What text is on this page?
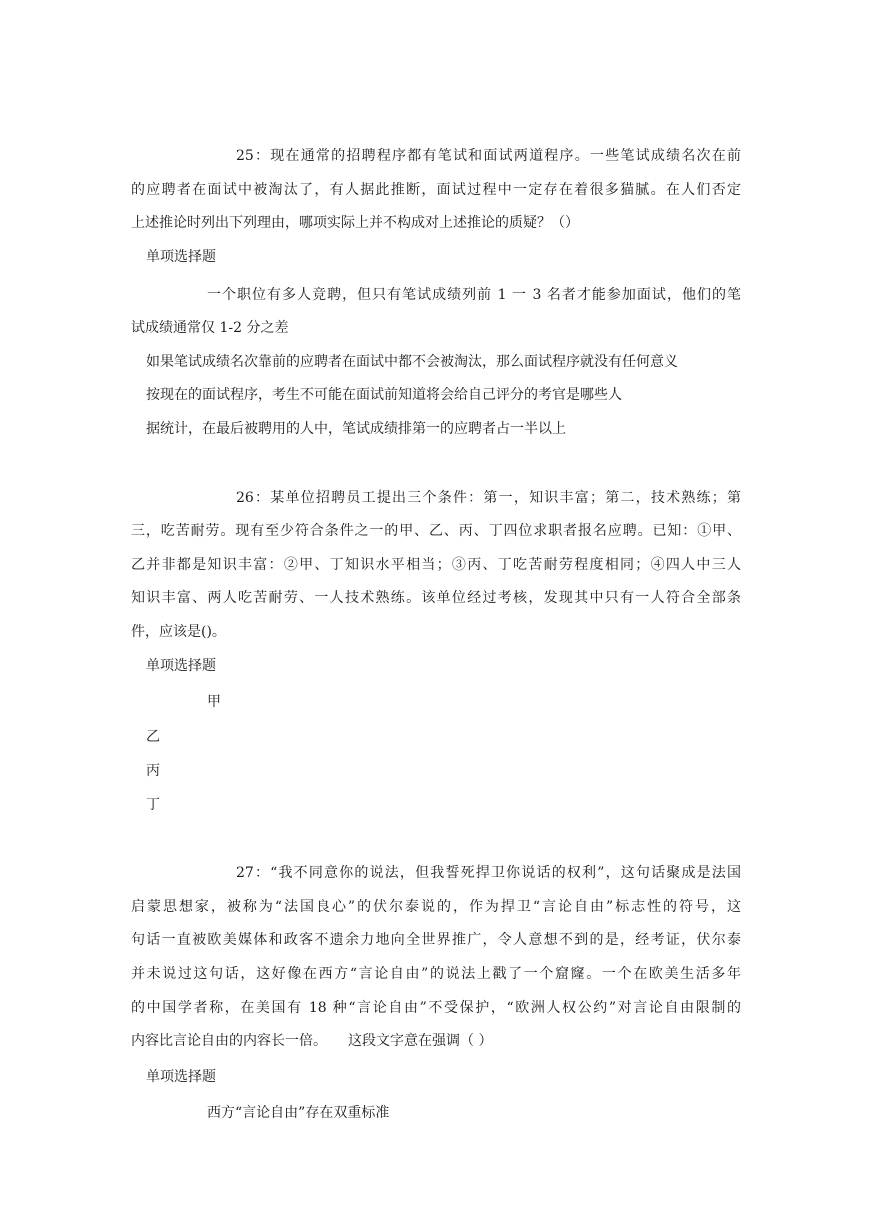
25：现在通常的招聘程序都有笔试和面试两道程序。一些笔试成绩名次在前
的应聘者在面试中被淘汰了，有人据此推断，面试过程中一定存在着很多猫腻。在人们否定
上述推论时列出下列理由，哪项实际上并不构成对上述推论的质疑？（）
单项选择题
一个职位有多人竞聘，但只有笔试成绩列前 1 一 3 名者才能参加面试，他们的笔
试成绩通常仅 1-2 分之差
如果笔试成绩名次靠前的应聘者在面试中都不会被淘汰，那么面试程序就没有任何意义
按现在的面试程序，考生不可能在面试前知道将会给自己评分的考官是哪些人
据统计，在最后被聘用的人中，笔试成绩排第一的应聘者占一半以上
26：某单位招聘员工提出三个条件：第一，知识丰富；第二，技术熟练；第
三，吃苦耐劳。现有至少符合条件之一的甲、乙、丙、丁四位求职者报名应聘。已知：①甲、
乙并非都是知识丰富：②甲、丁知识水平相当；③丙、丁吃苦耐劳程度相同；④四人中三人
知识丰富、两人吃苦耐劳、一人技术熟练。该单位经过考核，发现其中只有一人符合全部条
件，应该是()。
单项选择题
甲
乙
丙
丁
27：“我不同意你的说法，但我誓死捍卫你说话的权利”，这句话聚成是法国
启蒙思想家，被称为“法国良心”的伏尔泰说的，作为捍卫“言论自由”标志性的符号，这
句话一直被欧美媒体和政客不遗余力地向全世界推广，令人意想不到的是，经考证，伏尔泰
并未说过这句话，这好像在西方“言论自由”的说法上戳了一个窟窿。一个在欧美生活多年
的中国学者称，在美国有 18 种“言论自由”不受保护，“欧洲人权公约”对言论自由限制的
内容比言论自由的内容长一倍。　　这段文字意在强调（ ）
单项选择题
西方“言论自由”存在双重标准
